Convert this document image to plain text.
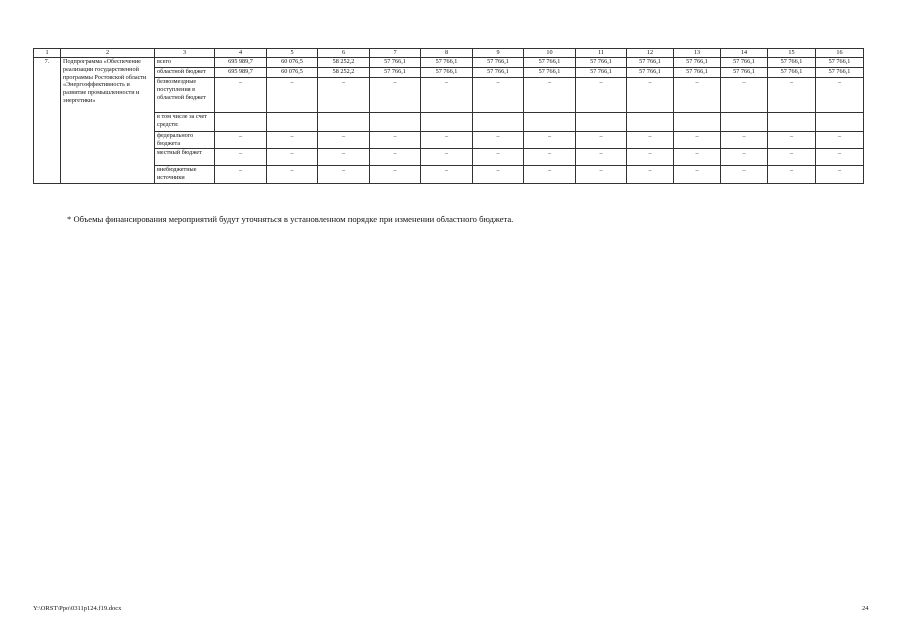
1	2	3	4	5	6	7	8	9	10	11	12	13	14	15	16
7.	Подпрограмма «Обеспечение реализации государственной программы Ростовской области «Энергоэффективность и развитие промышленности и энергетики»	всего	695 989,7	60 076,5	58 252,2	57 766,1	57 766,1	57 766,1	57 766,1	57 766,1	57 766,1	57 766,1	57 766,1	57 766,1	57 766,1
		областной бюджет	695 989,7	60 076,5	58 252,2	57 766,1	57 766,1	57 766,1	57 766,1	57 766,1	57 766,1	57 766,1	57 766,1	57 766,1	57 766,1
		безвозмездные поступления в областной бюджет	–	–	–	–	–	–	–	–	–	–	–	–	–

		в том числе за счет средств:													
		федерального бюджета	–	–	–	–	–	–	–	–	–	–	–	–	–

		местный бюджет	–	–	–	–	–	–	–	–	–	–	–	–	–

		внебюджетные источники	–	–	–	–	–	–	–	–	–	–	–	–	–
* Объемы финансирования мероприятий будут уточняться в установленном порядке при изменении областного бюджета.
Y:\ORST\Ppo\0311p124.f19.docx	24
